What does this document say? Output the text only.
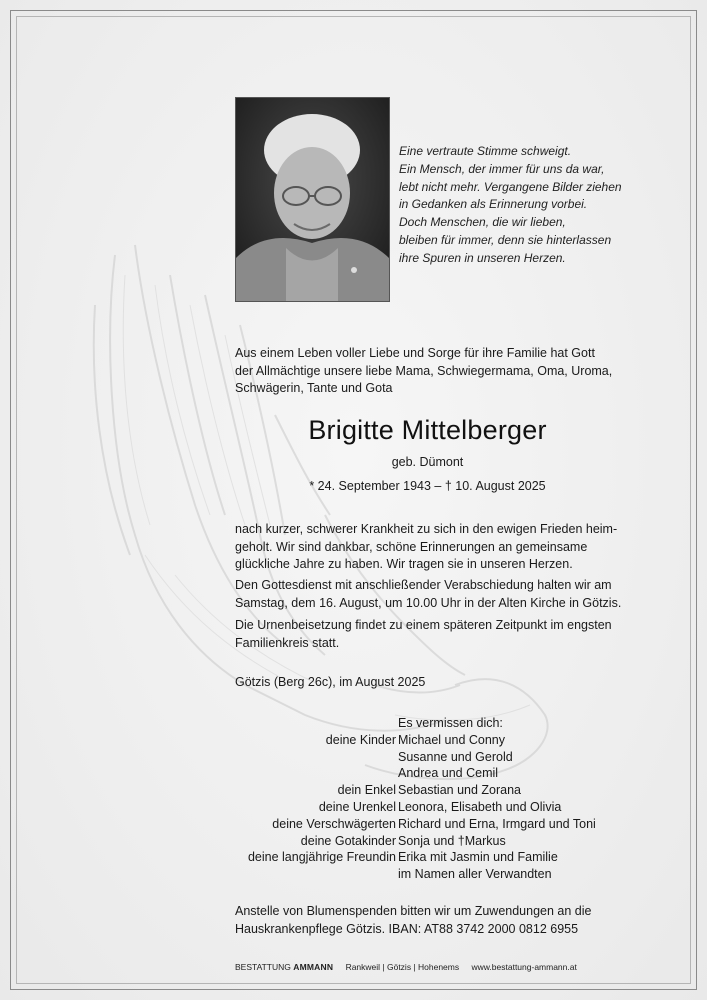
Eine vertraute Stimme schweigt.
Ein Mensch, der immer für uns da war,
lebt nicht mehr. Vergangene Bilder ziehen
in Gedanken als Erinnerung vorbei.
Doch Menschen, die wir lieben,
bleiben für immer, denn sie hinterlassen
ihre Spuren in unseren Herzen.
Aus einem Leben voller Liebe und Sorge für ihre Familie hat Gott
der Allmächtige unsere liebe Mama, Schwiegermama, Oma, Uroma,
Schwägerin, Tante und Gota
Brigitte Mittelberger
geb. Dümont
* 24. September 1943 – † 10. August 2025
nach kurzer, schwerer Krankheit zu sich in den ewigen Frieden heim-
geholt. Wir sind dankbar, schöne Erinnerungen an gemeinsame
glückliche Jahre zu haben. Wir tragen sie in unseren Herzen.
Den Gottesdienst mit anschließender Verabschiedung halten wir am
Samstag, dem 16. August, um 10.00 Uhr in der Alten Kirche in Götzis.
Die Urnenbeisetzung findet zu einem späteren Zeitpunkt im engsten
Familienkreis statt.
Götzis (Berg 26c), im August 2025
Es vermissen dich:
deine Kinder Michael und Conny
Susanne und Gerold
Andrea und Cemil
dein Enkel Sebastian und Zorana
deine Urenkel Leonora, Elisabeth und Olivia
deine Verschwägerten Richard und Erna, Irmgard und Toni
deine Gotakinder Sonja und †Markus
deine langjährige Freundin Erika mit Jasmin und Familie
im Namen aller Verwandten
Anstelle von Blumenspenden bitten wir um Zuwendungen an die
Hauskrankenpflege Götzis. IBAN: AT88 3742 2000 0812 6955
BESTATTUNG AMMANN Rankweil | Götzis | Hohenems www.bestattung-ammann.at
